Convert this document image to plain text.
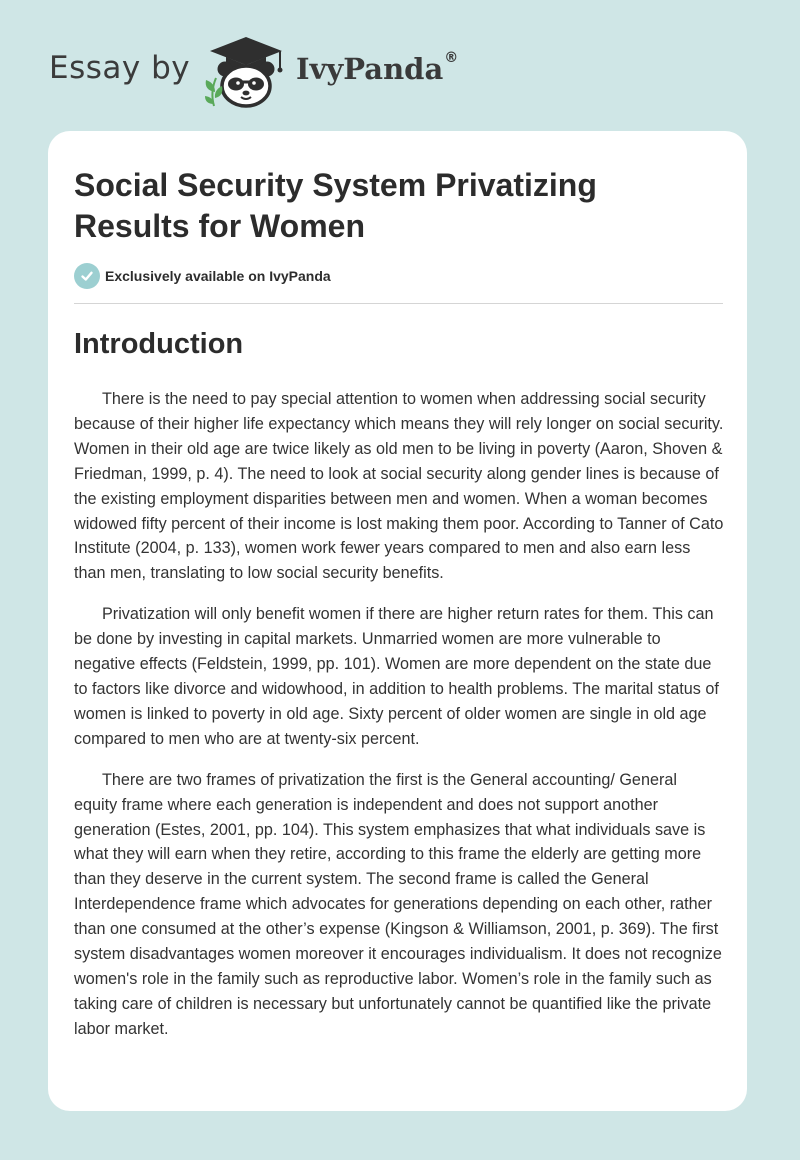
Essay by	IvyPanda®
Social Security System Privatizing Results for Women
Exclusively available on IvyPanda
Introduction

There is the need to pay special attention to women when addressing social security because of their higher life expectancy which means they will rely longer on social security. Women in their old age are twice likely as old men to be living in poverty (Aaron, Shoven & Friedman, 1999, p. 4). The need to look at social security along gender lines is because of the existing employment disparities between men and women. When a woman becomes widowed fifty percent of their income is lost making them poor. According to Tanner of Cato Institute (2004, p. 133), women work fewer years compared to men and also earn less than men, translating to low social security benefits.

Privatization will only benefit women if there are higher return rates for them. This can be done by investing in capital markets. Unmarried women are more vulnerable to negative effects (Feldstein, 1999, pp. 101). Women are more dependent on the state due to factors like divorce and widowhood, in addition to health problems. The marital status of women is linked to poverty in old age. Sixty percent of older women are single in old age compared to men who are at twenty-six percent.

There are two frames of privatization the first is the General accounting/ General equity frame where each generation is independent and does not support another generation (Estes, 2001, pp. 104). This system emphasizes that what individuals save is what they will earn when they retire, according to this frame the elderly are getting more than they deserve in the current system. The second frame is called the General Interdependence frame which advocates for generations depending on each other, rather than one consumed at the other’s expense (Kingson & Williamson, 2001, p. 369). The first system disadvantages women moreover it encourages individualism. It does not recognize women's role in the family such as reproductive labor. Women’s role in the family such as taking care of children is necessary but unfortunately cannot be quantified like the private labor market.
